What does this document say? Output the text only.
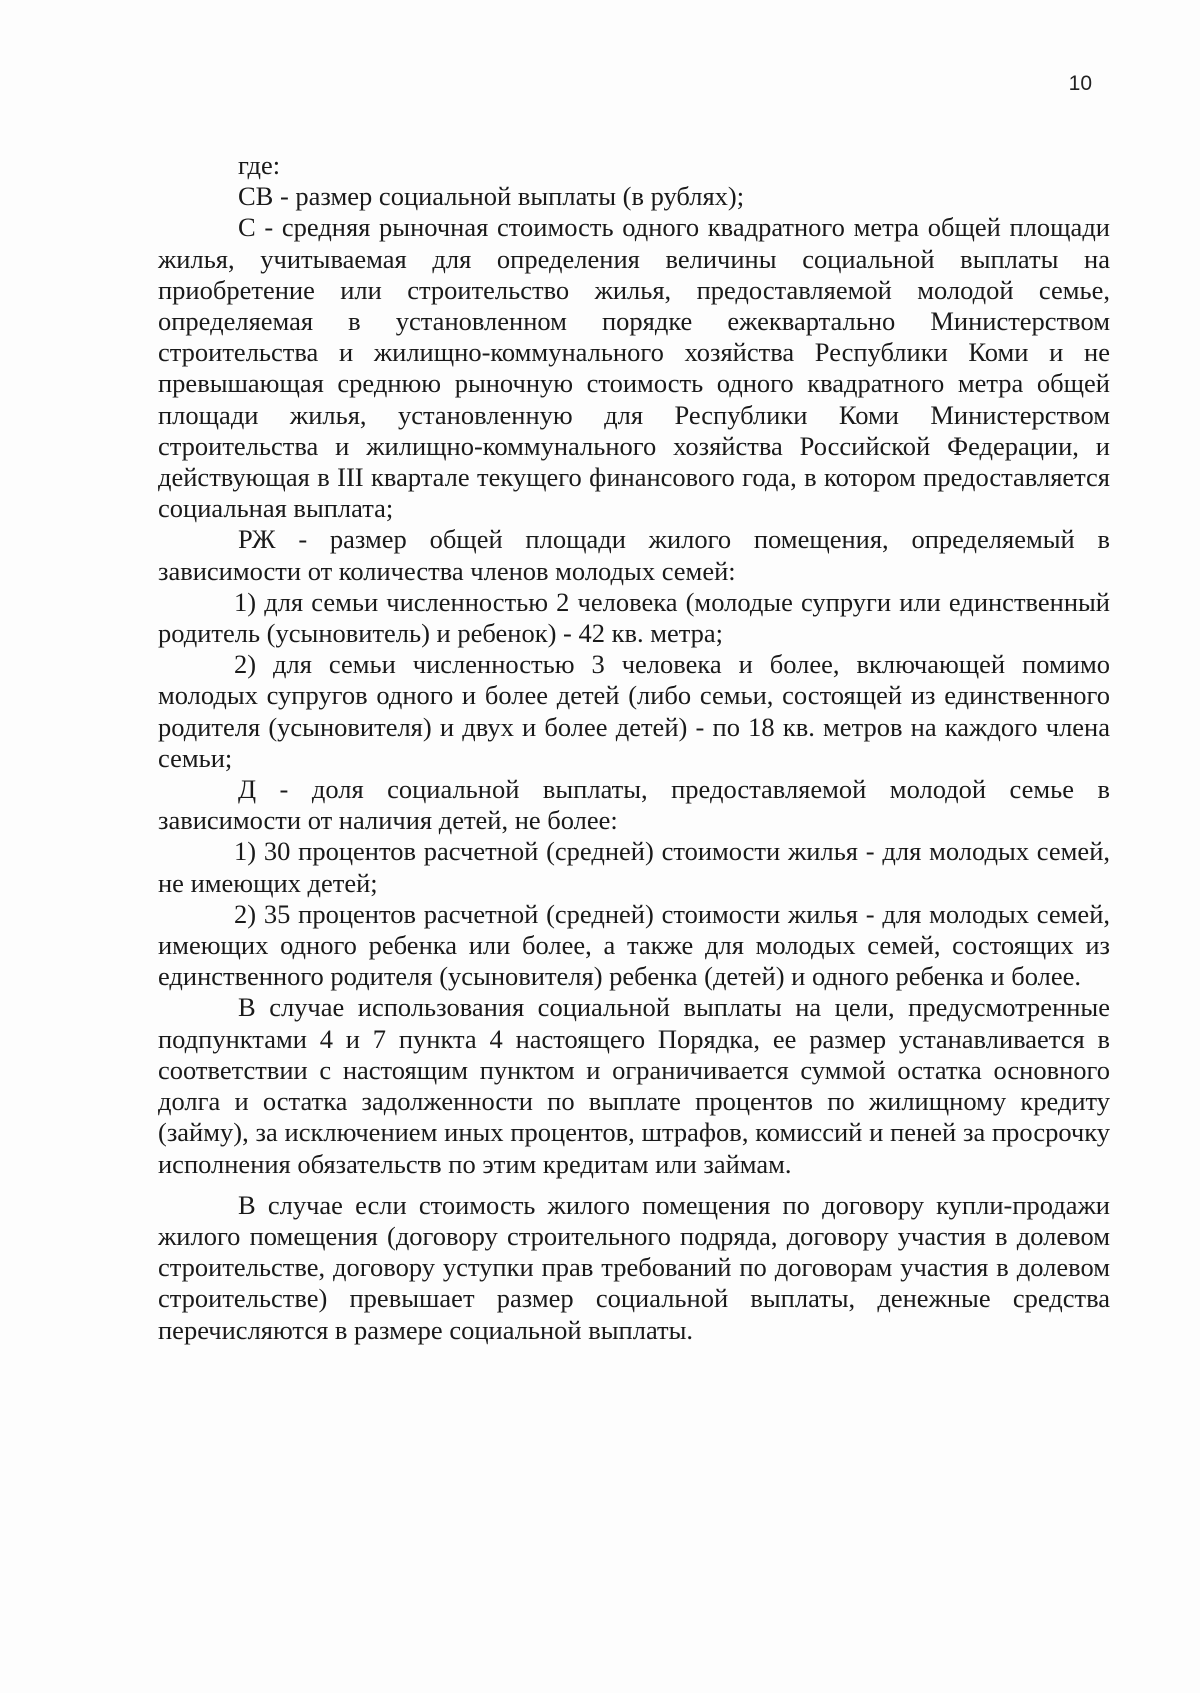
10

где:

СВ - размер социальной выплаты (в рублях);

С - средняя рыночная стоимость одного квадратного метра общей площади жилья, учитываемая для определения величины социальной выплаты на приобретение или строительство жилья, предоставляемой молодой семье, определяемая в установленном порядке ежеквартально Министерством строительства и жилищно-коммунального хозяйства Республики Коми и не превышающая среднюю рыночную стоимость одного квадратного метра общей площади жилья, установленную для Республики Коми Министерством строительства и жилищно-коммунального хозяйства Российской Федерации, и действующая в III квартале текущего финансового года, в котором предоставляется социальная выплата;

РЖ - размер общей площади жилого помещения, определяемый в зависимости от количества членов молодых семей:

1) для семьи численностью 2 человека (молодые супруги или единственный родитель (усыновитель) и ребенок) - 42 кв. метра;

2) для семьи численностью 3 человека и более, включающей помимо молодых супругов одного и более детей (либо семьи, состоящей из единственного родителя (усыновителя) и двух и более детей) - по 18 кв. метров на каждого члена семьи;

Д - доля социальной выплаты, предоставляемой молодой семье в зависимости от наличия детей, не более:

1) 30 процентов расчетной (средней) стоимости жилья - для молодых семей, не имеющих детей;

2) 35 процентов расчетной (средней) стоимости жилья - для молодых семей, имеющих одного ребенка или более, а также для молодых семей, состоящих из единственного родителя (усыновителя) ребенка (детей) и одного ребенка и более.

В случае использования социальной выплаты на цели, предусмотренные подпунктами 4 и 7 пункта 4 настоящего Порядка, ее размер устанавливается в соответствии с настоящим пунктом и ограничивается суммой остатка основного долга и остатка задолженности по выплате процентов по жилищному кредиту (займу), за исключением иных процентов, штрафов, комиссий и пеней за просрочку исполнения обязательств по этим кредитам или займам.

В случае если стоимость жилого помещения по договору купли-продажи жилого помещения (договору строительного подряда, договору участия в долевом строительстве, договору уступки прав требований по договорам участия в долевом строительстве) превышает размер социальной выплаты, денежные средства перечисляются в размере социальной выплаты.
